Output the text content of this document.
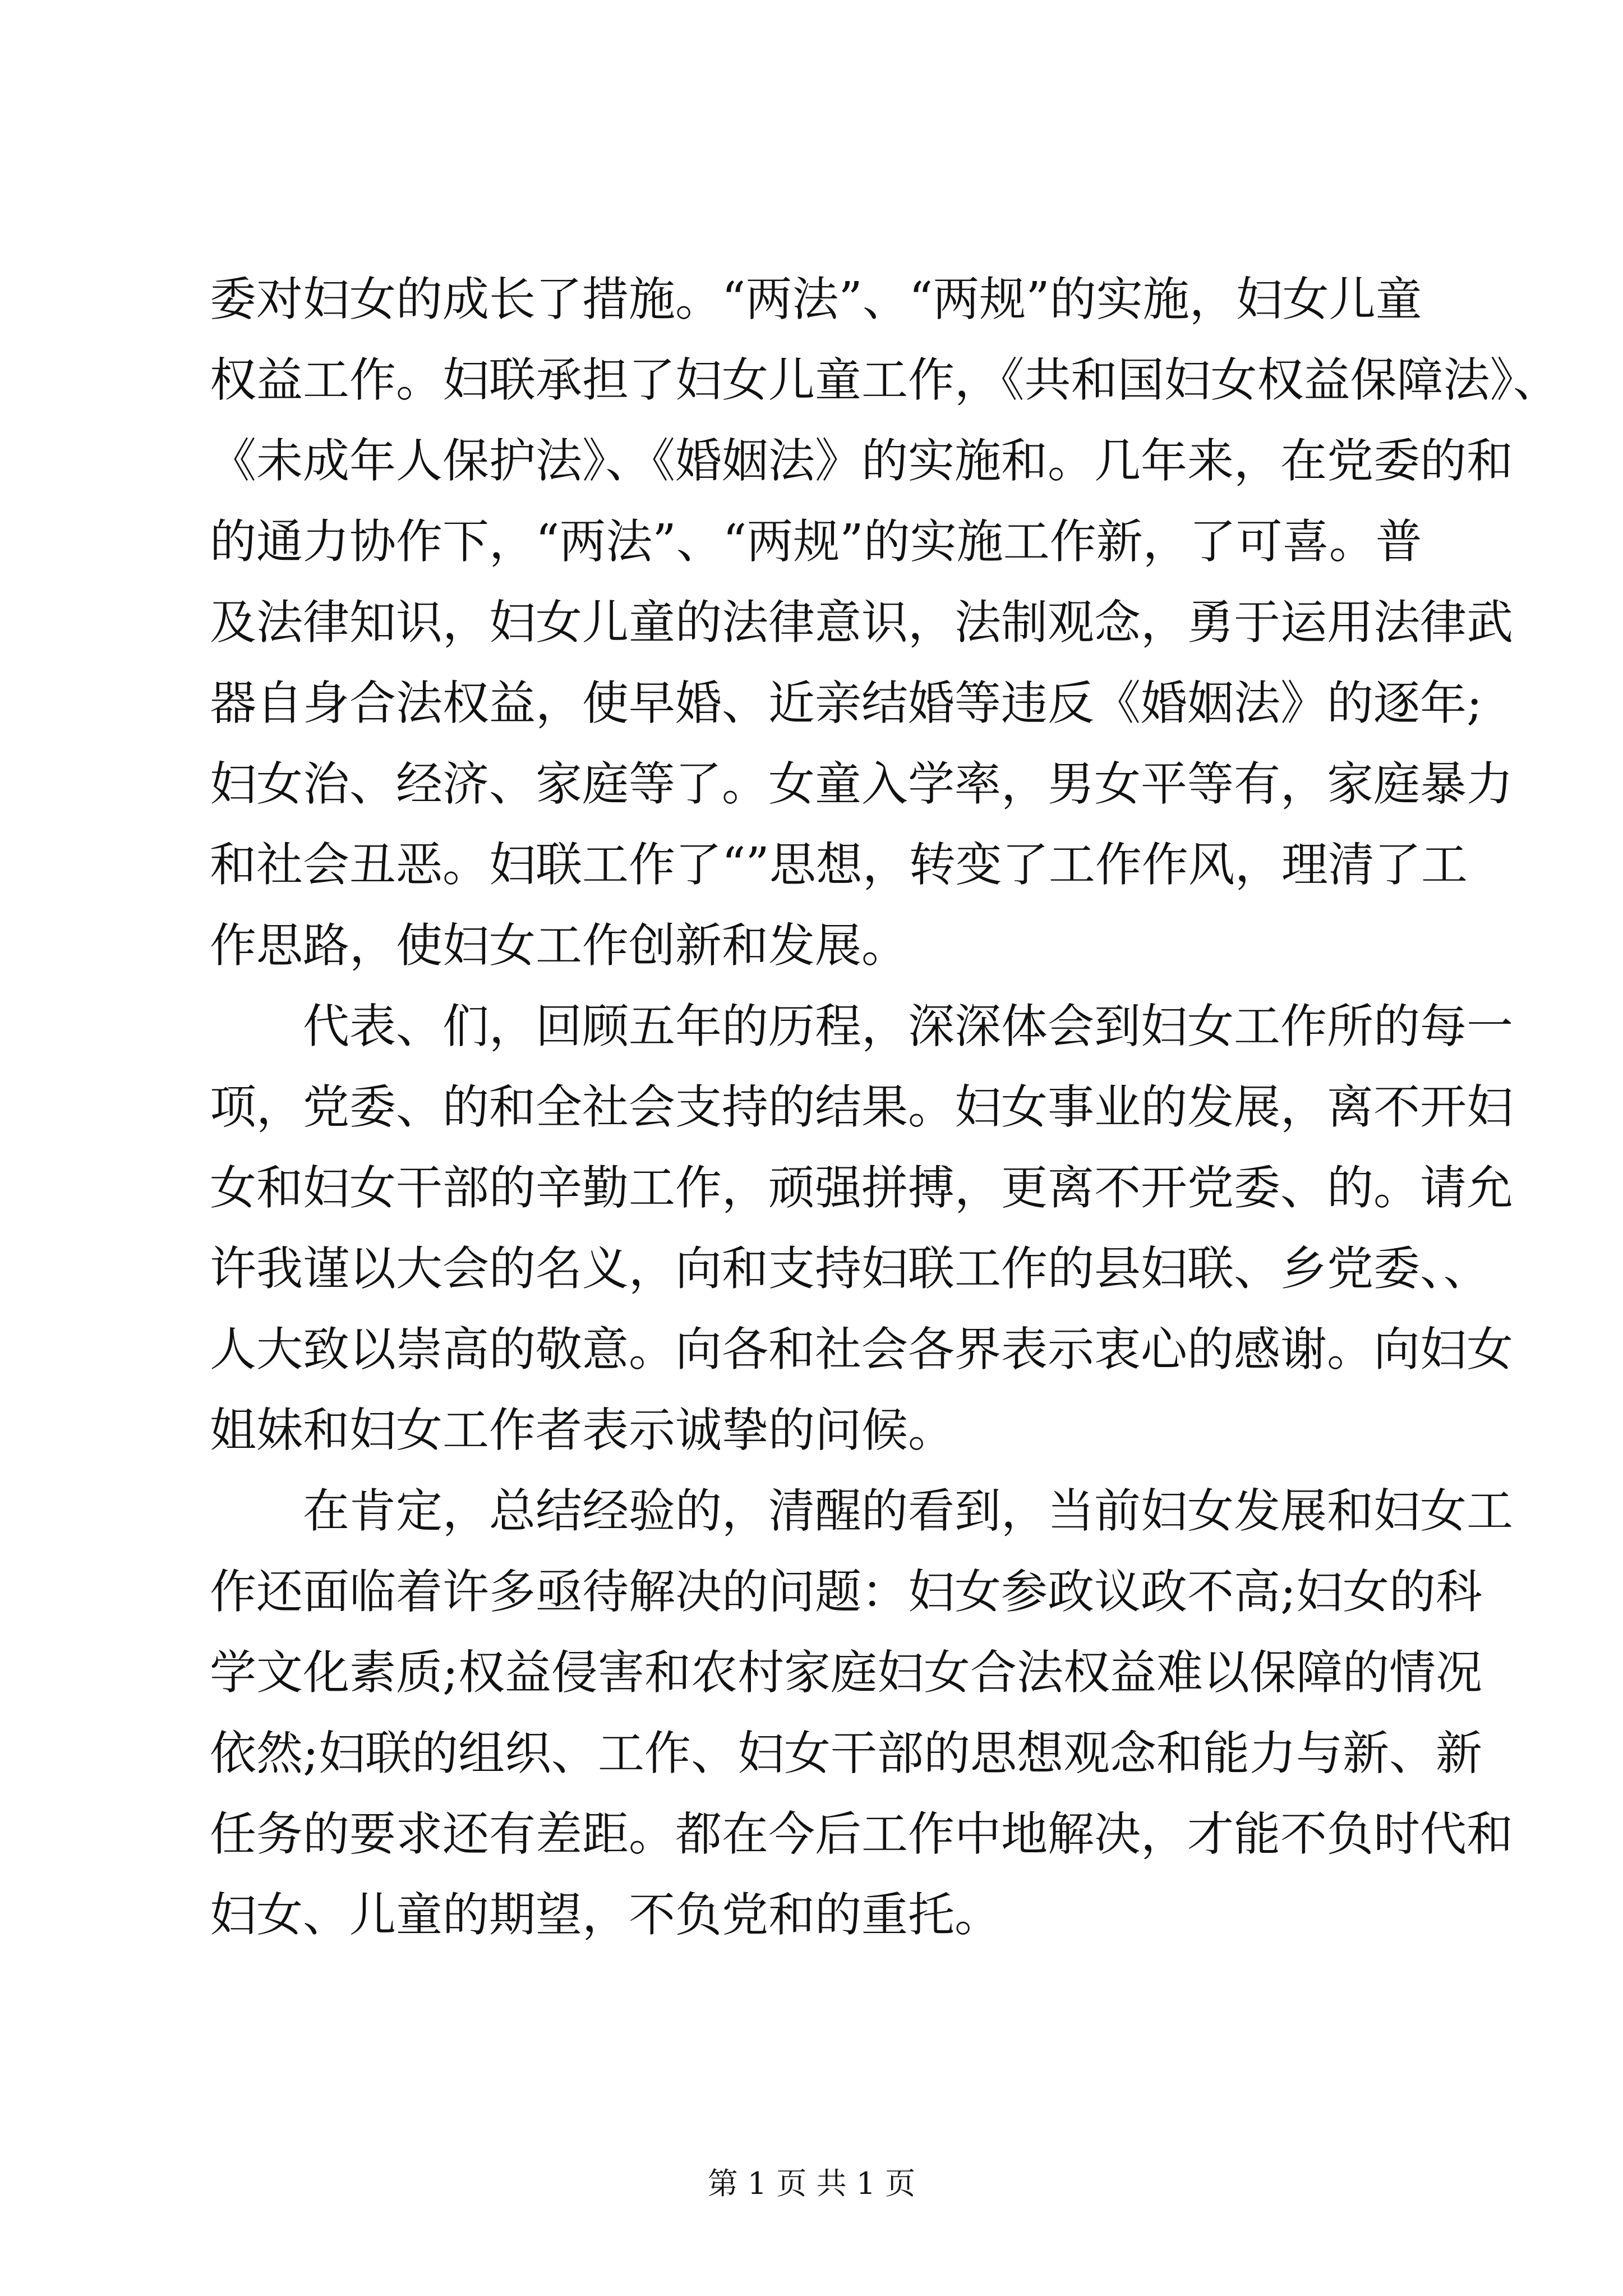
委对妇女的成长了措施。“两法”、“两规”的实施，妇女儿童
权益工作。妇联承担了妇女儿童工作，《共和国妇女权益保障法》、
《未成年人保护法》、《婚姻法》的实施和。几年来，在党委的和
的通力协作下，“两法”、“两规”的实施工作新，了可喜。普
及法律知识，妇女儿童的法律意识，法制观念，勇于运用法律武
器自身合法权益，使早婚、近亲结婚等违反《婚姻法》的逐年;
妇女治、经济、家庭等了。女童入学率，男女平等有，家庭暴力
和社会丑恶。妇联工作了“”思想，转变了工作作风，理清了工
作思路，使妇女工作创新和发展。
代表、们，回顾五年的历程，深深体会到妇女工作所的每一
项，党委、的和全社会支持的结果。妇女事业的发展，离不开妇
女和妇女干部的辛勤工作，顽强拼搏，更离不开党委、的。请允
许我谨以大会的名义，向和支持妇联工作的县妇联、乡党委、、
人大致以崇高的敬意。向各和社会各界表示衷心的感谢。向妇女
姐妹和妇女工作者表示诚挚的问候。
在肯定，总结经验的，清醒的看到，当前妇女发展和妇女工
作还面临着许多亟待解决的问题：妇女参政议政不高;妇女的科
学文化素质;权益侵害和农村家庭妇女合法权益难以保障的情况
依然;妇联的组织、工作、妇女干部的思想观念和能力与新、新
任务的要求还有差距。都在今后工作中地解决，才能不负时代和
妇女、儿童的期望，不负党和的重托。
第 1 页 共 1 页
